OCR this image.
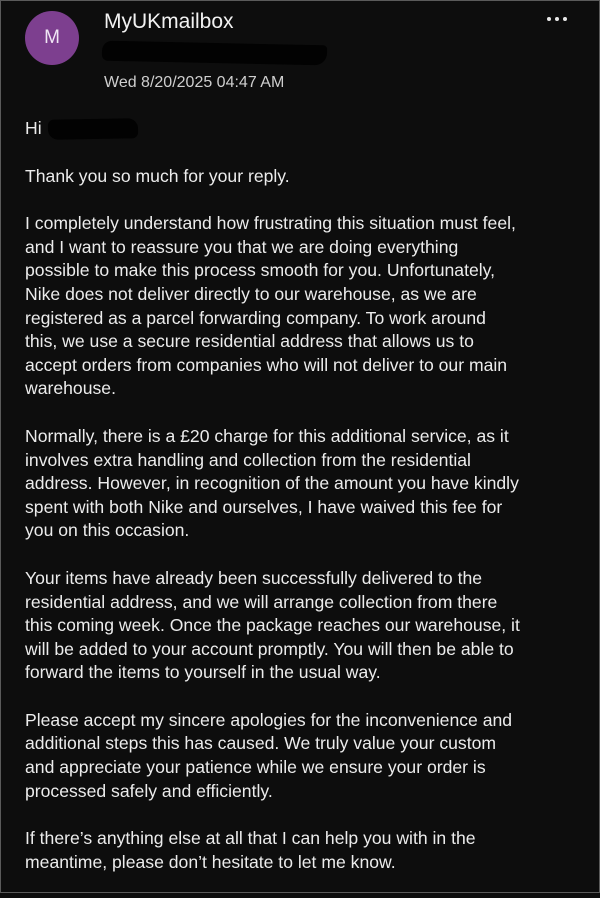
M
MyUKmailbox
Wed 8/20/2025 04:47 AM
Hi

Thank you so much for your reply.

I completely understand how frustrating this situation must feel,
and I want to reassure you that we are doing everything
possible to make this process smooth for you. Unfortunately,
Nike does not deliver directly to our warehouse, as we are
registered as a parcel forwarding company. To work around
this, we use a secure residential address that allows us to
accept orders from companies who will not deliver to our main
warehouse.

Normally, there is a £20 charge for this additional service, as it
involves extra handling and collection from the residential
address. However, in recognition of the amount you have kindly
spent with both Nike and ourselves, I have waived this fee for
you on this occasion.

Your items have already been successfully delivered to the
residential address, and we will arrange collection from there
this coming week. Once the package reaches our warehouse, it
will be added to your account promptly. You will then be able to
forward the items to yourself in the usual way.

Please accept my sincere apologies for the inconvenience and
additional steps this has caused. We truly value your custom
and appreciate your patience while we ensure your order is
processed safely and efficiently.

If there’s anything else at all that I can help you with in the
meantime, please don’t hesitate to let me know.
